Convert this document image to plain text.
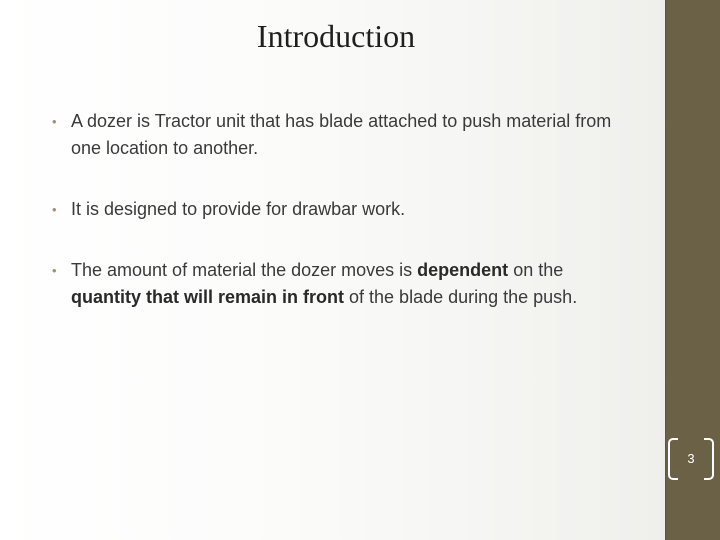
Introduction
• A dozer is Tractor unit that has blade attached to push material from one location to another.
• It is designed to provide for drawbar work.
• The amount of material the dozer moves is dependent on the quantity that will remain in front of the blade during the push.
3
